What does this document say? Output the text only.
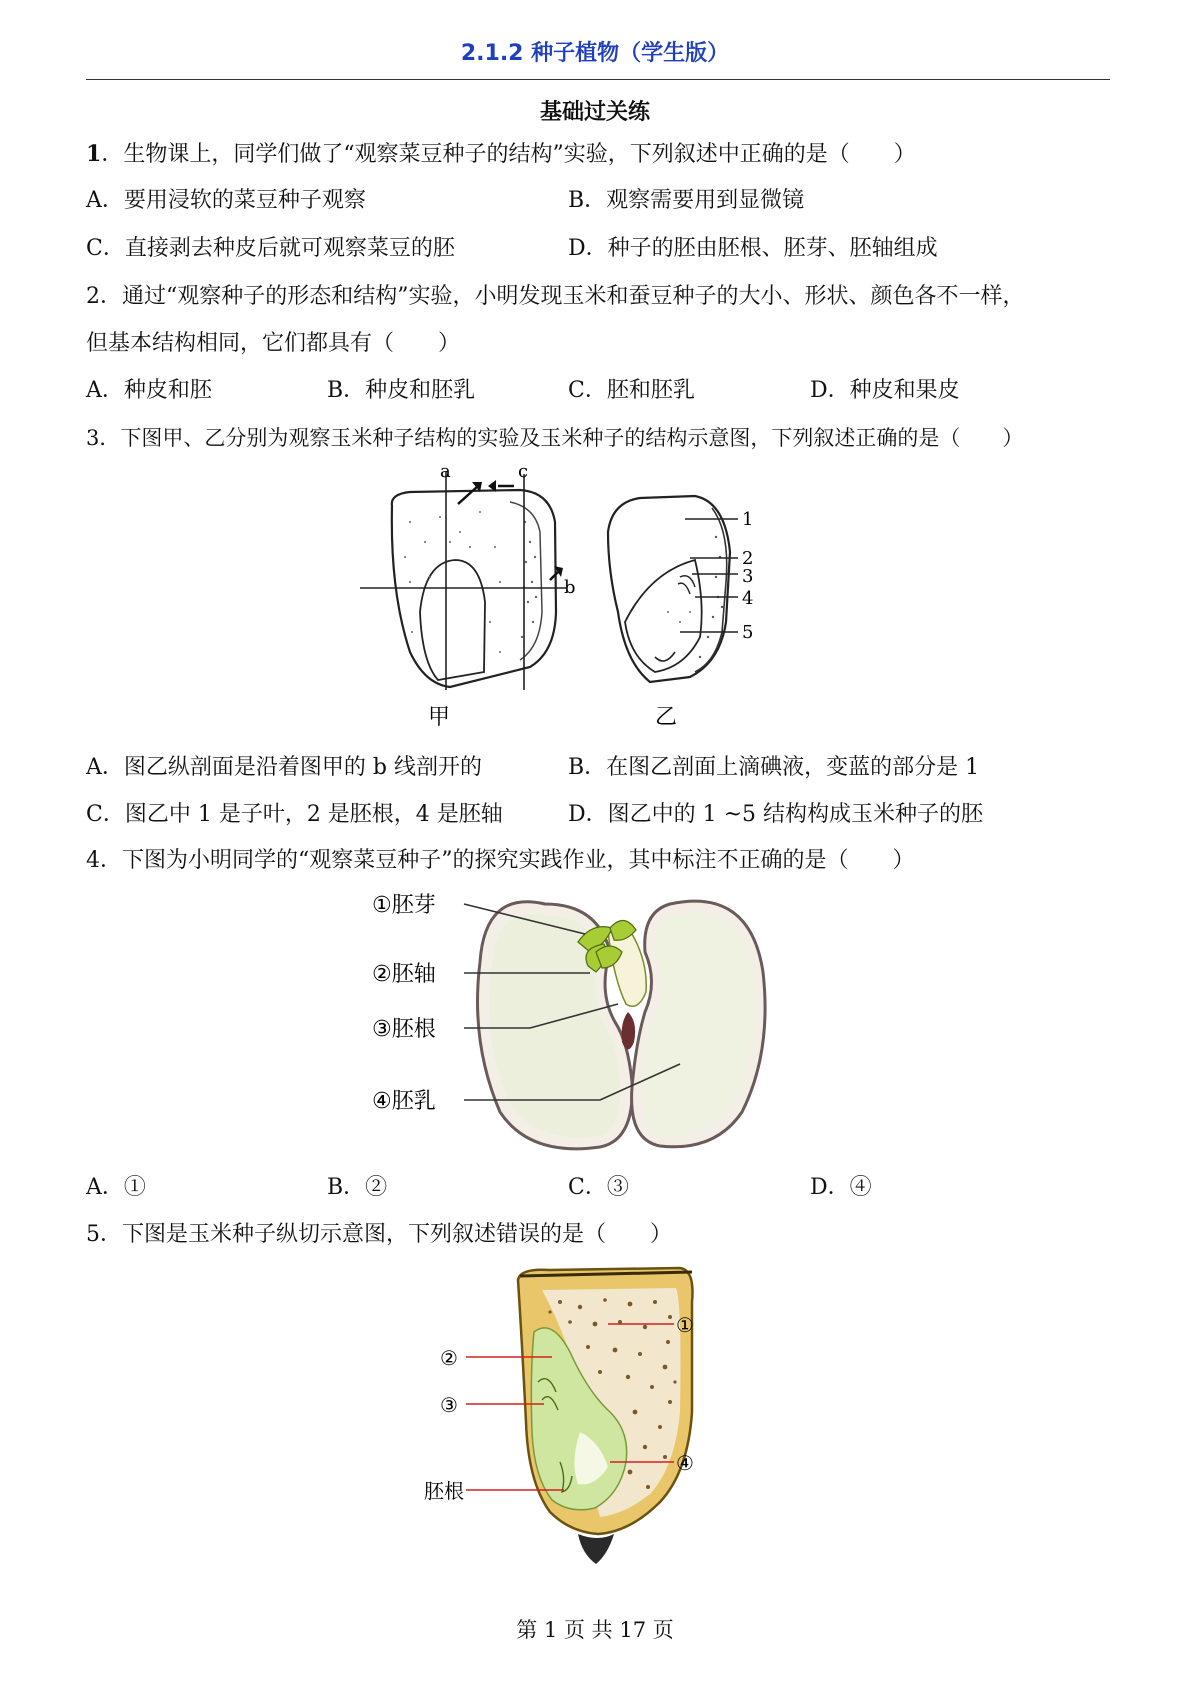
2.1.2 种子植物（学生版）
基础过关练
1．生物课上，同学们做了“观察菜豆种子的结构”实验，下列叙述中正确的是（　　）
A．要用浸软的菜豆种子观察	B．观察需要用到显微镜
C．直接剥去种皮后就可观察菜豆的胚	D．种子的胚由胚根、胚芽、胚轴组成
2．通过“观察种子的形态和结构”实验，小明发现玉米和蚕豆种子的大小、形状、颜色各不一样，
但基本结构相同，它们都具有（　　）
A．种皮和胚	B．种皮和胚乳	C．胚和胚乳	D．种皮和果皮
3．下图甲、乙分别为观察玉米种子结构的实验及玉米种子的结构示意图，下列叙述正确的是（　　）
a	c
b
甲
1
2
3
4
5
乙
A．图乙纵剖面是沿着图甲的 b 线剖开的	B．在图乙剖面上滴碘液，变蓝的部分是 1
C．图乙中 1 是子叶，2 是胚根，4 是胚轴	D．图乙中的 1 ~5 结构构成玉米种子的胚
4．下图为小明同学的“观察菜豆种子”的探究实践作业，其中标注不正确的是（　　）
①胚芽
②胚轴
③胚根
④胚乳
A．①	B．②	C．③	D．④
5．下图是玉米种子纵切示意图，下列叙述错误的是（　　）
①
②
③
④
胚根
第 1 页 共 17 页
